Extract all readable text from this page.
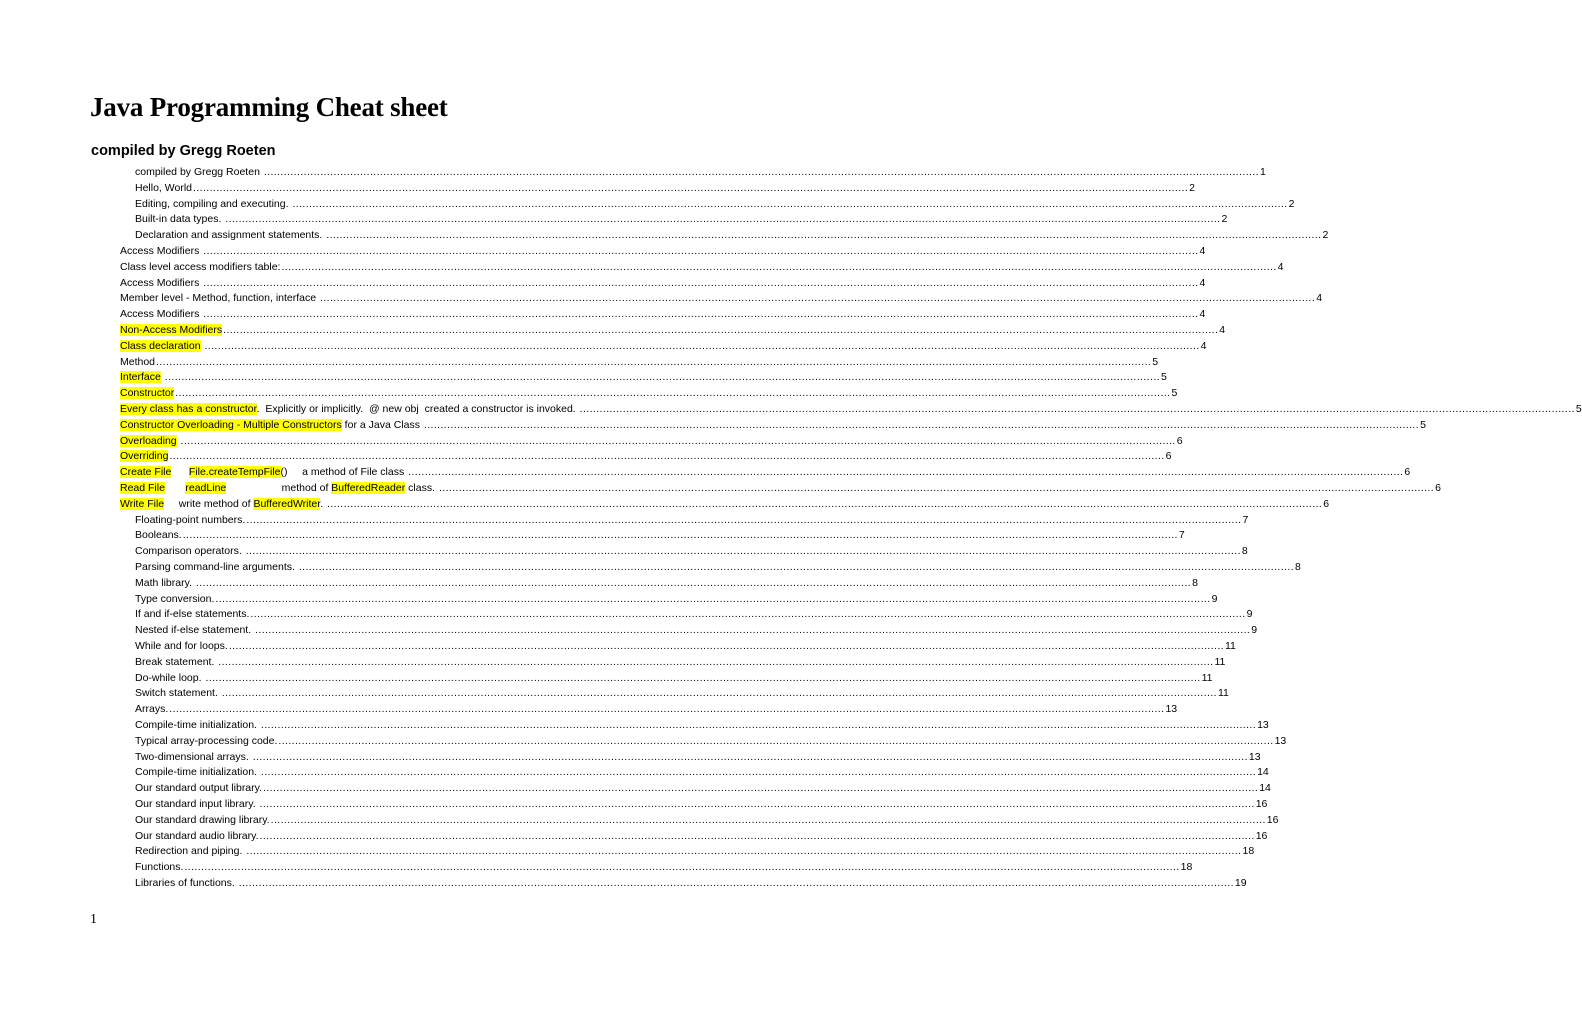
Java Programming Cheat sheet
compiled by Gregg Roeten
compiled by Gregg Roeten ............................................................................................................................................................................................................................................................................................................ 1
Hello, World ............................................................................................................................................................................................................................................................................................................ 2
Editing, compiling and executing. ............................................................................................................................................................................................................................................................................................................ 2
Built-in data types. ............................................................................................................................................................................................................................................................................................................ 2
Declaration and assignment statements. ............................................................................................................................................................................................................................................................................................................ 2
Access Modifiers ............................................................................................................................................................................................................................................................................................................ 4
Class level access modifiers table: ............................................................................................................................................................................................................................................................................................................ 4
Access Modifiers ............................................................................................................................................................................................................................................................................................................ 4
Member level - Method, function, interface ............................................................................................................................................................................................................................................................................................................ 4
Access Modifiers ............................................................................................................................................................................................................................................................................................................ 4
Non-Access Modifiers ............................................................................................................................................................................................................................................................................................................ 4
Class declaration ............................................................................................................................................................................................................................................................................................................ 4
Method ............................................................................................................................................................................................................................................................................................................ 5
Interface ............................................................................................................................................................................................................................................................................................................ 5
Constructor ............................................................................................................................................................................................................................................................................................................ 5
Every class has a constructor.  Explicitly or implicitly.  @ new obj  created a constructor is invoked. ............................................................................................................................................................................................................................................................................................................ 5
Constructor Overloading - Multiple Constructors for a Java Class ............................................................................................................................................................................................................................................................................................................ 5
Overloading ............................................................................................................................................................................................................................................................................................................ 6
Overriding ............................................................................................................................................................................................................................................................................................................ 6
Create File File.createTempFile()     a method of File class ............................................................................................................................................................................................................................................................................................................ 6
Read File readLine                   method of BufferedReader class. ............................................................................................................................................................................................................................................................................................................ 6
Write File     write method of BufferedWriter. ............................................................................................................................................................................................................................................................................................................ 6
Floating-point numbers. ............................................................................................................................................................................................................................................................................................................ 7
Booleans. ............................................................................................................................................................................................................................................................................................................ 7
Comparison operators. ............................................................................................................................................................................................................................................................................................................ 8
Parsing command-line arguments. ............................................................................................................................................................................................................................................................................................................ 8
Math library. ............................................................................................................................................................................................................................................................................................................ 8
Type conversion. ............................................................................................................................................................................................................................................................................................................ 9
If and if-else statements. ............................................................................................................................................................................................................................................................................................................ 9
Nested if-else statement. ............................................................................................................................................................................................................................................................................................................ 9
While and for loops. ............................................................................................................................................................................................................................................................................................................ 11
Break statement. ............................................................................................................................................................................................................................................................................................................ 11
Do-while loop. ............................................................................................................................................................................................................................................................................................................ 11
Switch statement. ............................................................................................................................................................................................................................................................................................................ 11
Arrays. ............................................................................................................................................................................................................................................................................................................ 13
Compile-time initialization. ............................................................................................................................................................................................................................................................................................................ 13
Typical array-processing code. ............................................................................................................................................................................................................................................................................................................ 13
Two-dimensional arrays. ............................................................................................................................................................................................................................................................................................................ 13
Compile-time initialization. ............................................................................................................................................................................................................................................................................................................ 14
Our standard output library. ............................................................................................................................................................................................................................................................................................................ 14
Our standard input library. ............................................................................................................................................................................................................................................................................................................ 16
Our standard drawing library. ............................................................................................................................................................................................................................................................................................................ 16
Our standard audio library. ............................................................................................................................................................................................................................................................................................................ 16
Redirection and piping. ............................................................................................................................................................................................................................................................................................................ 18
Functions. ............................................................................................................................................................................................................................................................................................................ 18
Libraries of functions. ............................................................................................................................................................................................................................................................................................................ 19
1
